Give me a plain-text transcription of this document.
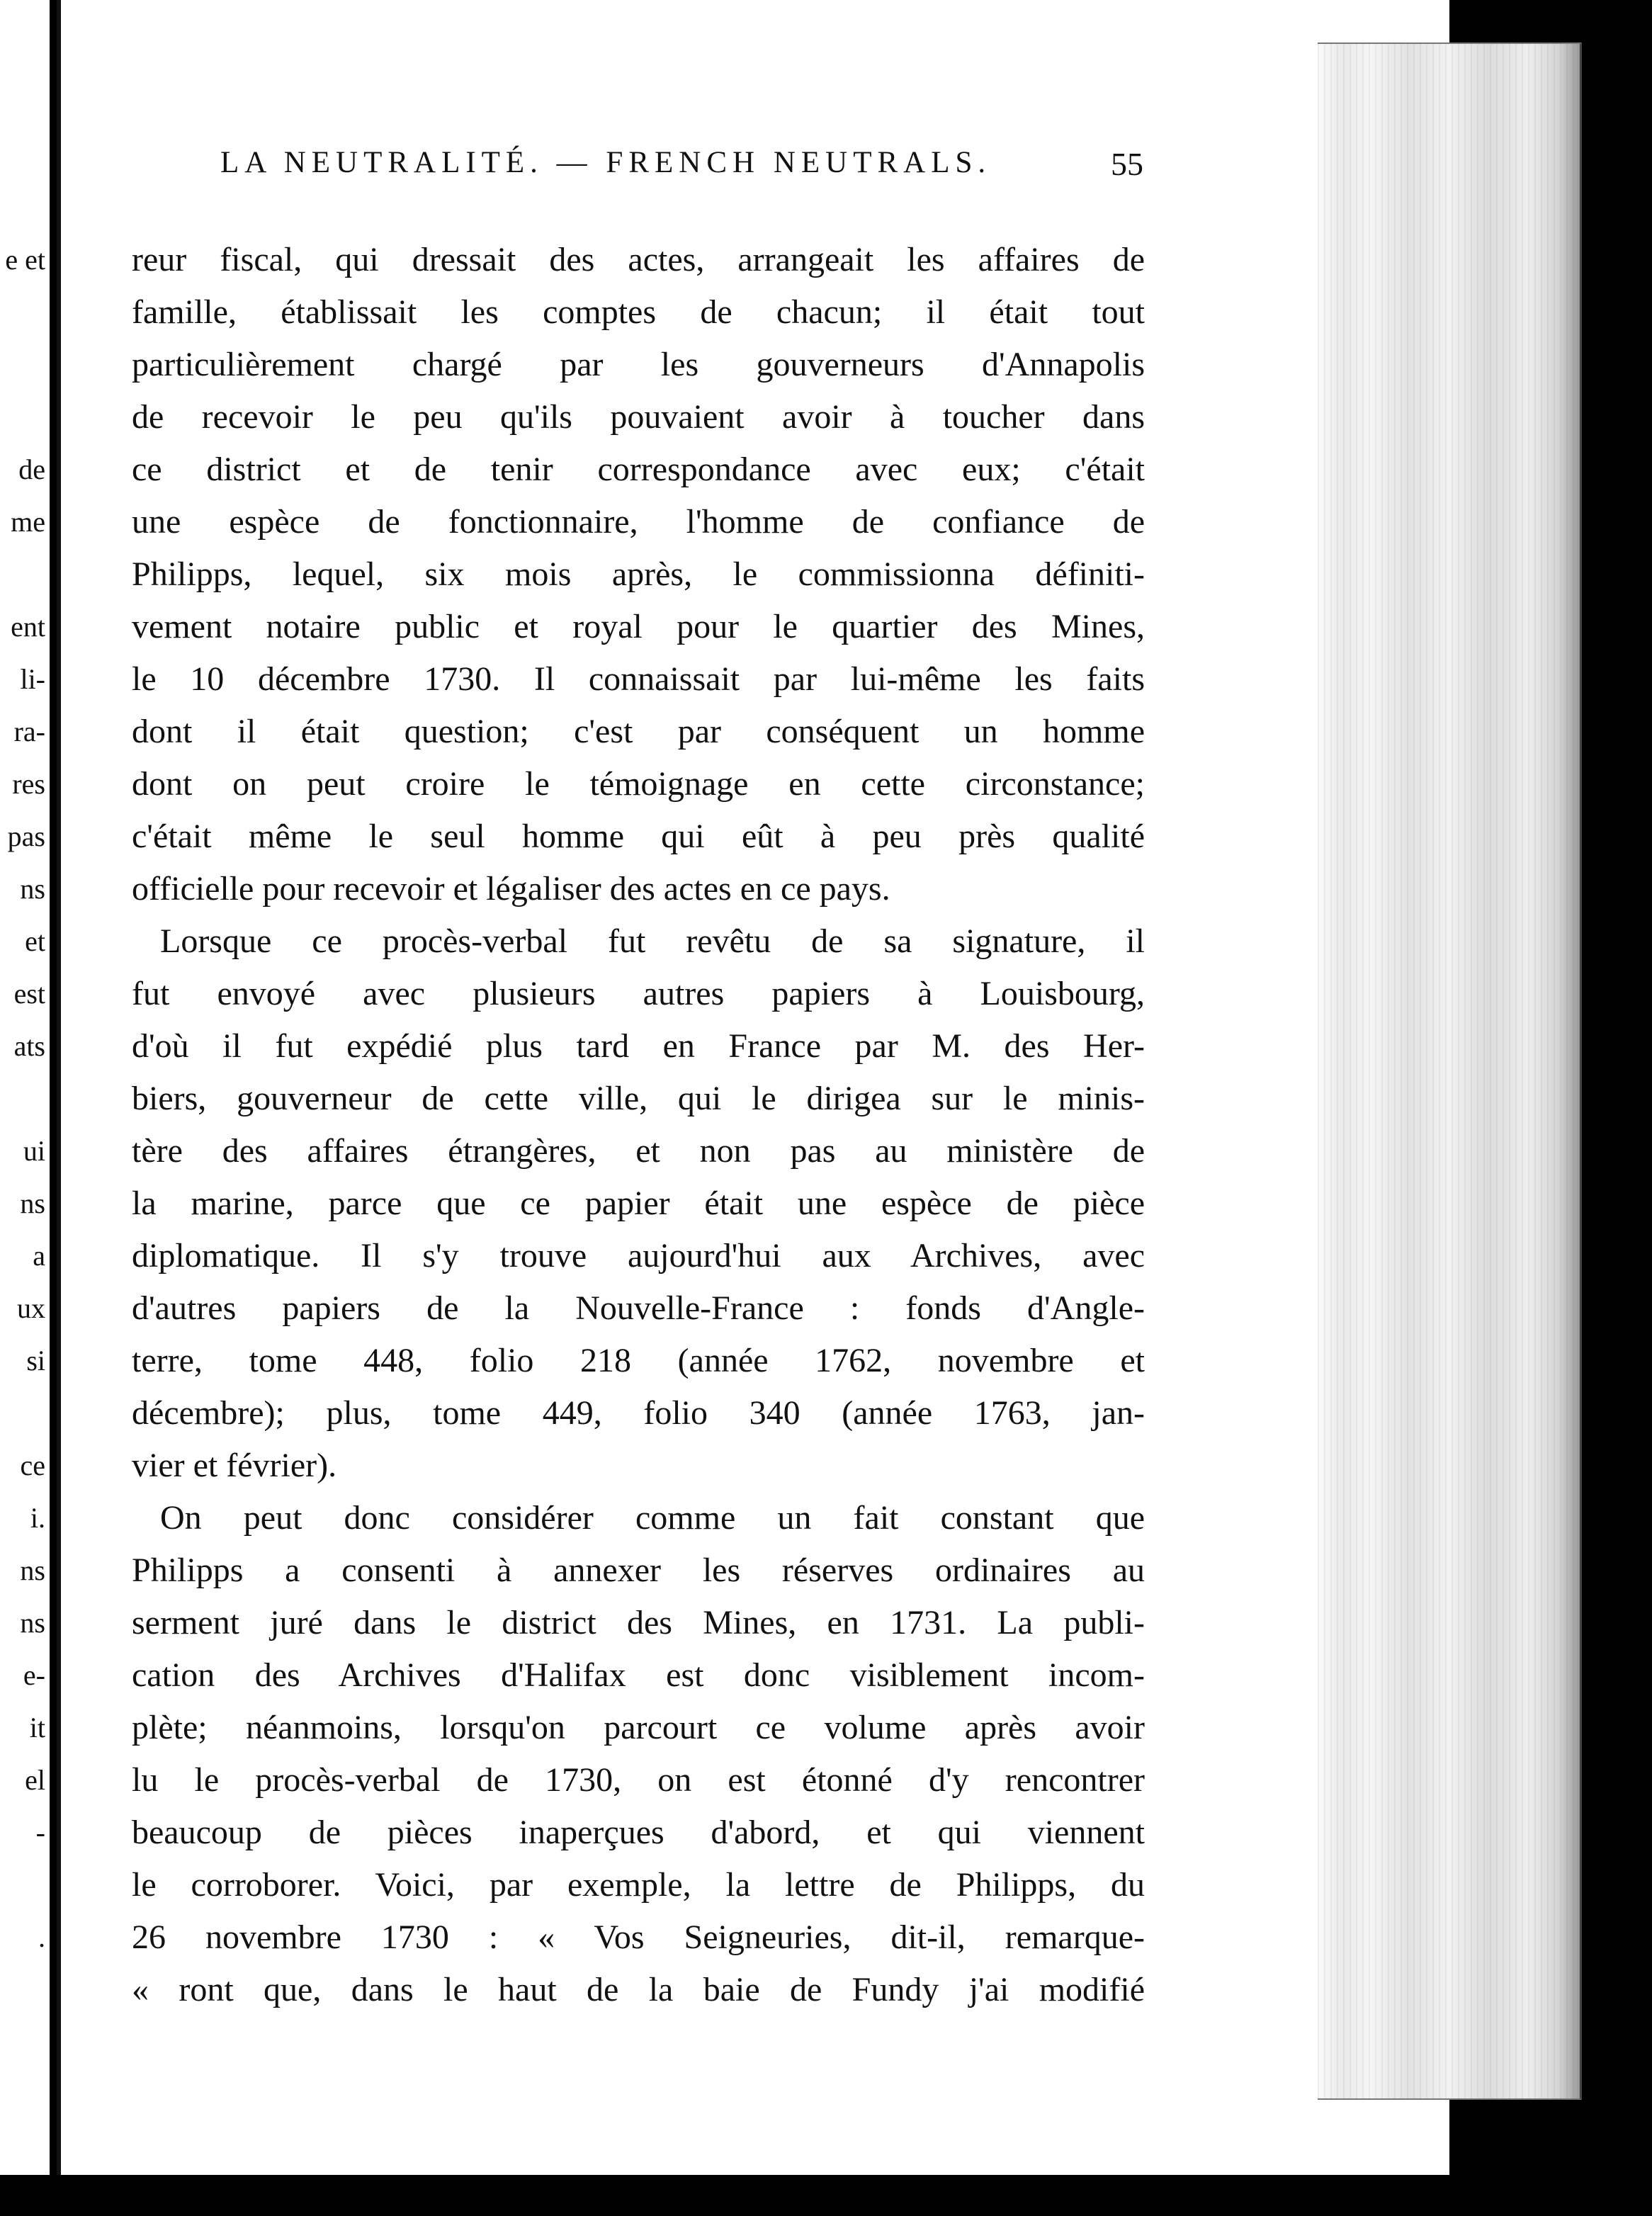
e et
de
me
ent
li-
ra-
res
pas
ns
et
est
ats
ui
ns
a
ux
si
ce
i.
ns
ns
e-
it
el
-
.
LA NEUTRALITÉ. — FRENCH NEUTRALS.	55
reur fiscal, qui dressait des actes, arrangeait les affaires de
famille, établissait les comptes de chacun; il était tout
particulièrement chargé par les gouverneurs d'Annapolis
de recevoir le peu qu'ils pouvaient avoir à toucher dans
ce district et de tenir correspondance avec eux; c'était
une espèce de fonctionnaire, l'homme de confiance de
Philipps, lequel, six mois après, le commissionna définiti-
vement notaire public et royal pour le quartier des Mines,
le 10 décembre 1730. Il connaissait par lui-même les faits
dont il était question; c'est par conséquent un homme
dont on peut croire le témoignage en cette circonstance;
c'était même le seul homme qui eût à peu près qualité
officielle pour recevoir et légaliser des actes en ce pays.
Lorsque ce procès-verbal fut revêtu de sa signature, il
fut envoyé avec plusieurs autres papiers à Louisbourg,
d'où il fut expédié plus tard en France par M. des Her-
biers, gouverneur de cette ville, qui le dirigea sur le minis-
tère des affaires étrangères, et non pas au ministère de
la marine, parce que ce papier était une espèce de pièce
diplomatique. Il s'y trouve aujourd'hui aux Archives, avec
d'autres papiers de la Nouvelle-France : fonds d'Angle-
terre, tome 448, folio 218 (année 1762, novembre et
décembre); plus, tome 449, folio 340 (année 1763, jan-
vier et février).
On peut donc considérer comme un fait constant que
Philipps a consenti à annexer les réserves ordinaires au
serment juré dans le district des Mines, en 1731. La publi-
cation des Archives d'Halifax est donc visiblement incom-
plète; néanmoins, lorsqu'on parcourt ce volume après avoir
lu le procès-verbal de 1730, on est étonné d'y rencontrer
beaucoup de pièces inaperçues d'abord, et qui viennent
le corroborer. Voici, par exemple, la lettre de Philipps, du
26 novembre 1730 : « Vos Seigneuries, dit-il, remarque-
« ront que, dans le haut de la baie de Fundy j'ai modifié
